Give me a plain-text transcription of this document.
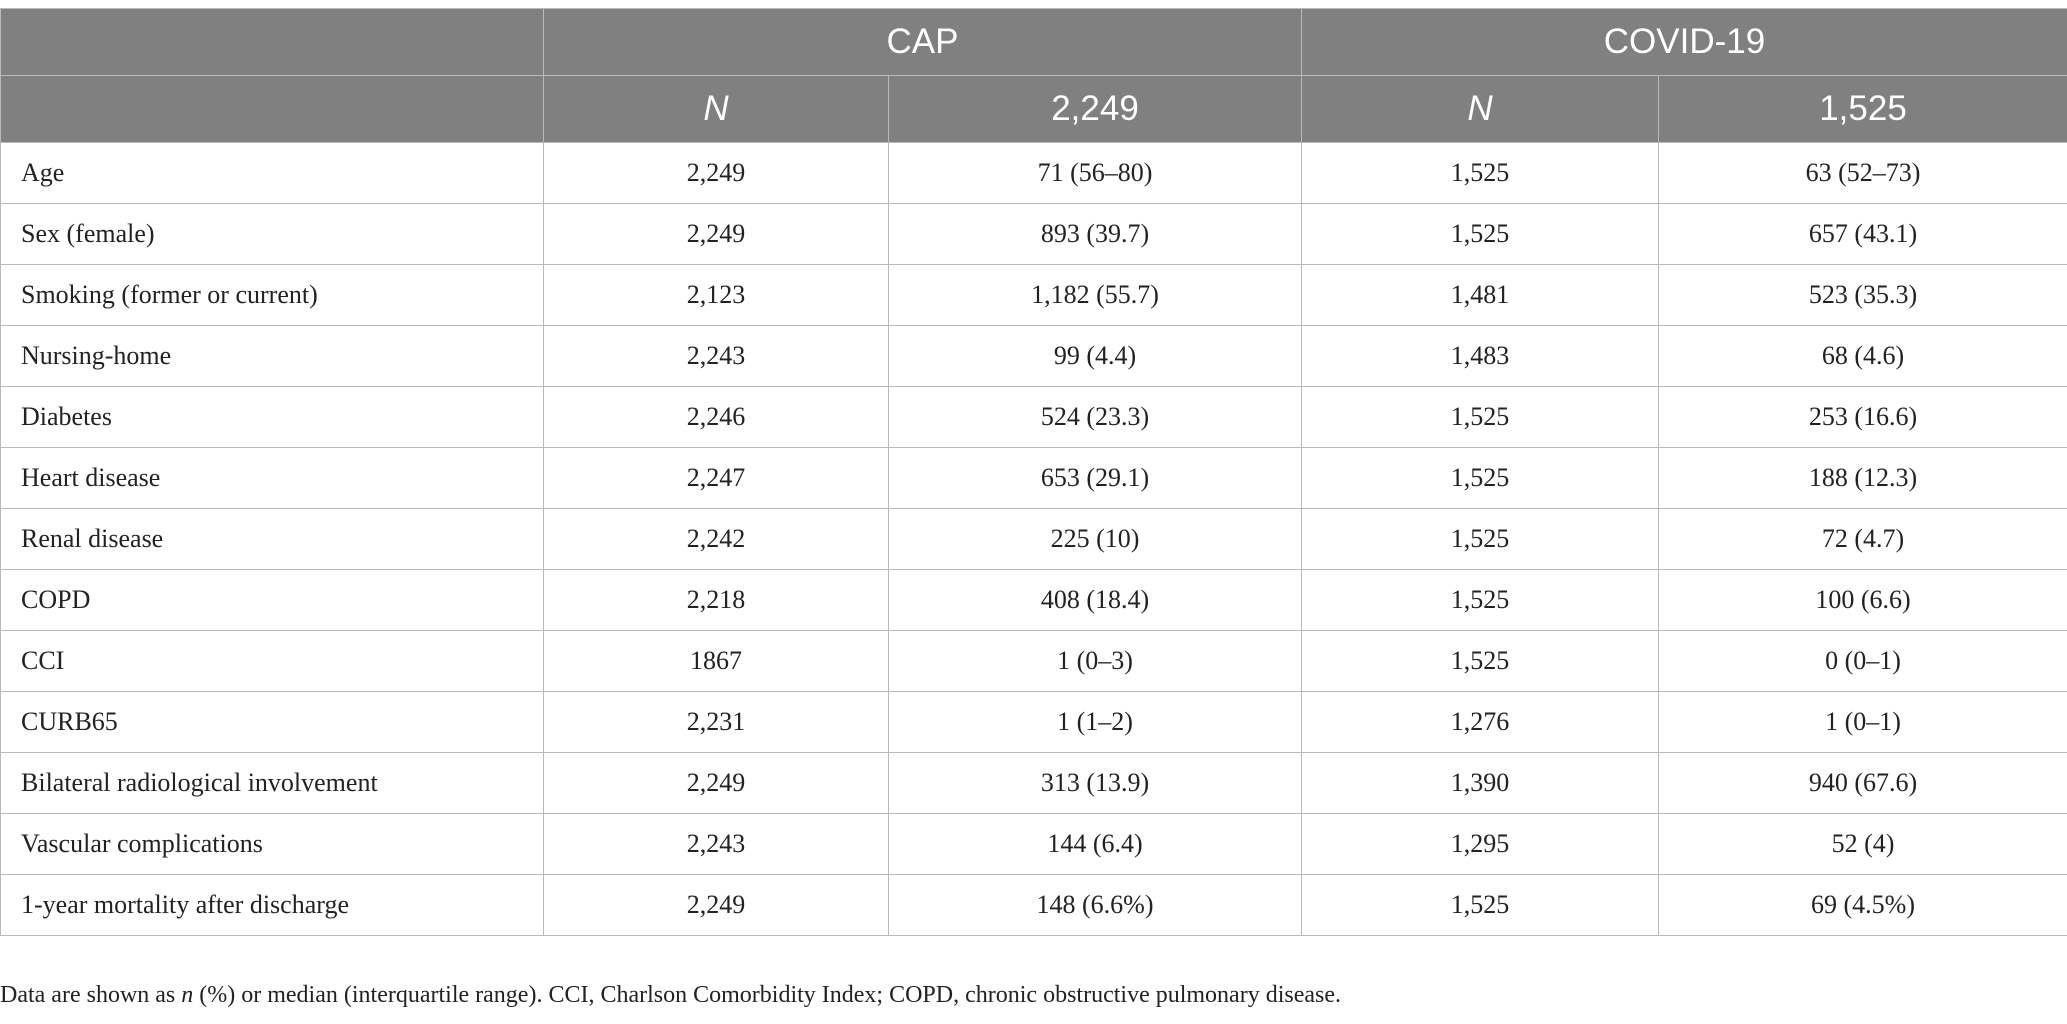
	CAP		COVID-19	
	N	2,249	N	1,525
Age	2,249	71 (56–80)	1,525	63 (52–73)
Sex (female)	2,249	893 (39.7)	1,525	657 (43.1)
Smoking (former or current)	2,123	1,182 (55.7)	1,481	523 (35.3)
Nursing-home	2,243	99 (4.4)	1,483	68 (4.6)
Diabetes	2,246	524 (23.3)	1,525	253 (16.6)
Heart disease	2,247	653 (29.1)	1,525	188 (12.3)
Renal disease	2,242	225 (10)	1,525	72 (4.7)
COPD	2,218	408 (18.4)	1,525	100 (6.6)
CCI	1867	1 (0–3)	1,525	0 (0–1)
CURB65	2,231	1 (1–2)	1,276	1 (0–1)
Bilateral radiological involvement	2,249	313 (13.9)	1,390	940 (67.6)
Vascular complications	2,243	144 (6.4)	1,295	52 (4)
1-year mortality after discharge	2,249	148 (6.6%)	1,525	69 (4.5%)
Data are shown as n (%) or median (interquartile range). CCI, Charlson Comorbidity Index; COPD, chronic obstructive pulmonary disease.
